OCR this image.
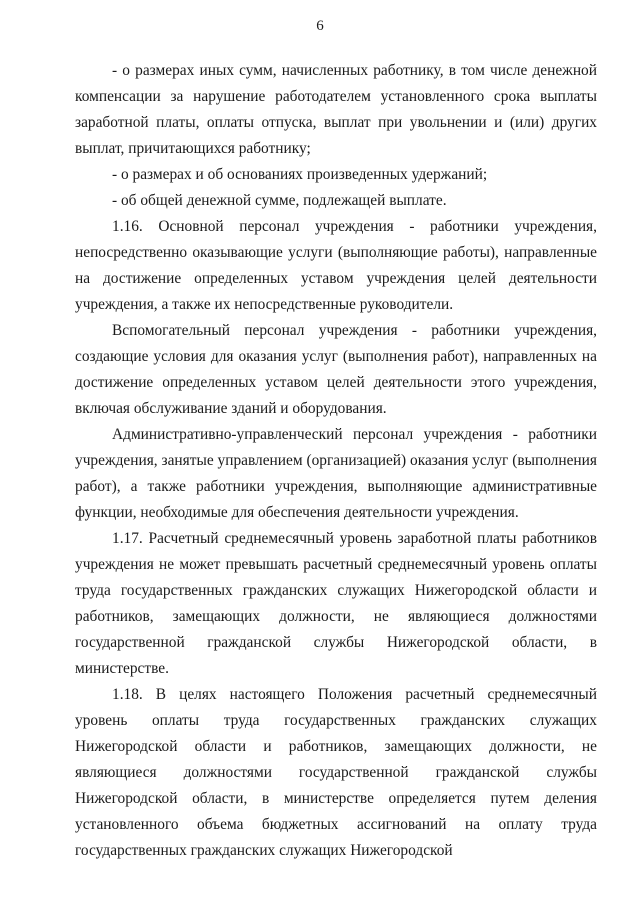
6

- о размерах иных сумм, начисленных работнику, в том числе денежной компенсации за нарушение работодателем установленного срока выплаты заработной платы, оплаты отпуска, выплат при увольнении и (или) других выплат, причитающихся работнику;

- о размерах и об основаниях произведенных удержаний;

- об общей денежной сумме, подлежащей выплате.

1.16. Основной персонал учреждения - работники учреждения, непосредственно оказывающие услуги (выполняющие работы), направленные на достижение определенных уставом учреждения целей деятельности учреждения, а также их непосредственные руководители.

Вспомогательный персонал учреждения - работники учреждения, создающие условия для оказания услуг (выполнения работ), направленных на достижение определенных уставом целей деятельности этого учреждения, включая обслуживание зданий и оборудования.

Административно-управленческий персонал учреждения - работники учреждения, занятые управлением (организацией) оказания услуг (выполнения работ), а также работники учреждения, выполняющие административные функции, необходимые для обеспечения деятельности учреждения.

1.17. Расчетный среднемесячный уровень заработной платы работников учреждения не может превышать расчетный среднемесячный уровень оплаты труда государственных гражданских служащих Нижегородской области и работников, замещающих должности, не являющиеся должностями государственной гражданской службы Нижегородской области, в министерстве.

1.18. В целях настоящего Положения расчетный среднемесячный уровень оплаты труда государственных гражданских служащих Нижегородской области и работников, замещающих должности, не являющиеся должностями государственной гражданской службы Нижегородской области, в министерстве определяется путем деления установленного объема бюджетных ассигнований на оплату труда государственных гражданских служащих Нижегородской
